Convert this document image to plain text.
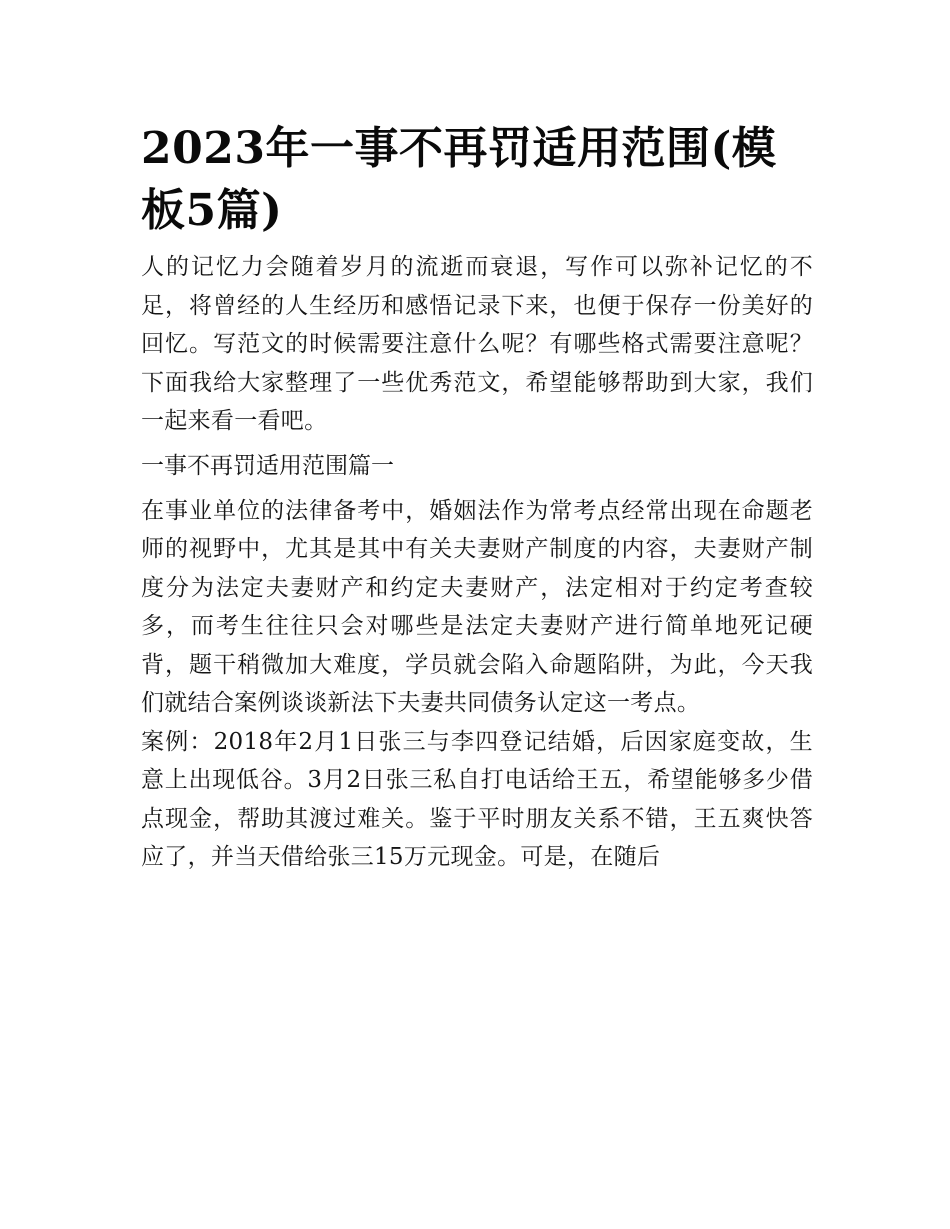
2023年一事不再罚适用范围(模板5篇)

人的记忆力会随着岁月的流逝而衰退，写作可以弥补记忆的不足，将曾经的人生经历和感悟记录下来，也便于保存一份美好的回忆。写范文的时候需要注意什么呢？有哪些格式需要注意呢？下面我给大家整理了一些优秀范文，希望能够帮助到大家，我们一起来看一看吧。

一事不再罚适用范围篇一

在事业单位的法律备考中，婚姻法作为常考点经常出现在命题老师的视野中，尤其是其中有关夫妻财产制度的内容，夫妻财产制度分为法定夫妻财产和约定夫妻财产，法定相对于约定考查较多，而考生往往只会对哪些是法定夫妻财产进行简单地死记硬背，题干稍微加大难度，学员就会陷入命题陷阱，为此，今天我们就结合案例谈谈新法下夫妻共同债务认定这一考点。

案例：2018年2月1日张三与李四登记结婚，后因家庭变故，生意上出现低谷。3月2日张三私自打电话给王五，希望能够多少借点现金，帮助其渡过难关。鉴于平时朋友关系不错，王五爽快答应了，并当天借给张三15万元现金。可是，在随后
